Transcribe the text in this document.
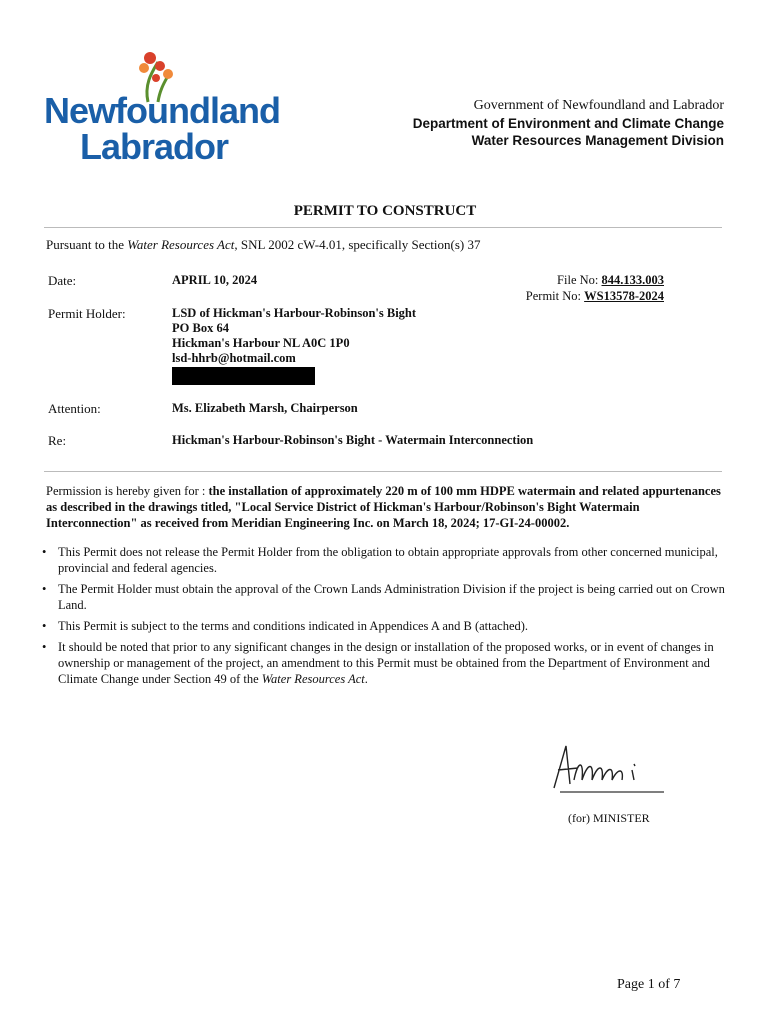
Newfoundland
Labrador
Government of Newfoundland and Labrador
Department of Environment and Climate Change
Water Resources Management Division
PERMIT TO CONSTRUCT
Pursuant to the Water Resources Act, SNL 2002 cW-4.01, specifically Section(s) 37
Date:	APRIL 10, 2024	File No: 844.133.003
Permit No: WS13578-2024
Permit Holder:	LSD of Hickman's Harbour-Robinson's Bight
PO Box 64
Hickman's Harbour NL A0C 1P0
lsd-hhrb@hotmail.com
Attention:	Ms. Elizabeth Marsh, Chairperson
Re:	Hickman's Harbour-Robinson's Bight - Watermain Interconnection
Permission is hereby given for : the installation of approximately 220 m of 100 mm HDPE watermain and related appurtenances as described in the drawings titled, "Local Service District of Hickman's Harbour/Robinson's Bight Watermain Interconnection" as received from Meridian Engineering Inc. on March 18, 2024; 17-GI-24-00002.
• This Permit does not release the Permit Holder from the obligation to obtain appropriate approvals from other concerned municipal, provincial and federal agencies.
• The Permit Holder must obtain the approval of the Crown Lands Administration Division if the project is being carried out on Crown Land.
• This Permit is subject to the terms and conditions indicated in Appendices A and B (attached).
• It should be noted that prior to any significant changes in the design or installation of the proposed works, or in event of changes in ownership or management of the project, an amendment to this Permit must be obtained from the Department of Environment and Climate Change under Section 49 of the Water Resources Act.
(for) MINISTER
Page 1 of 7
